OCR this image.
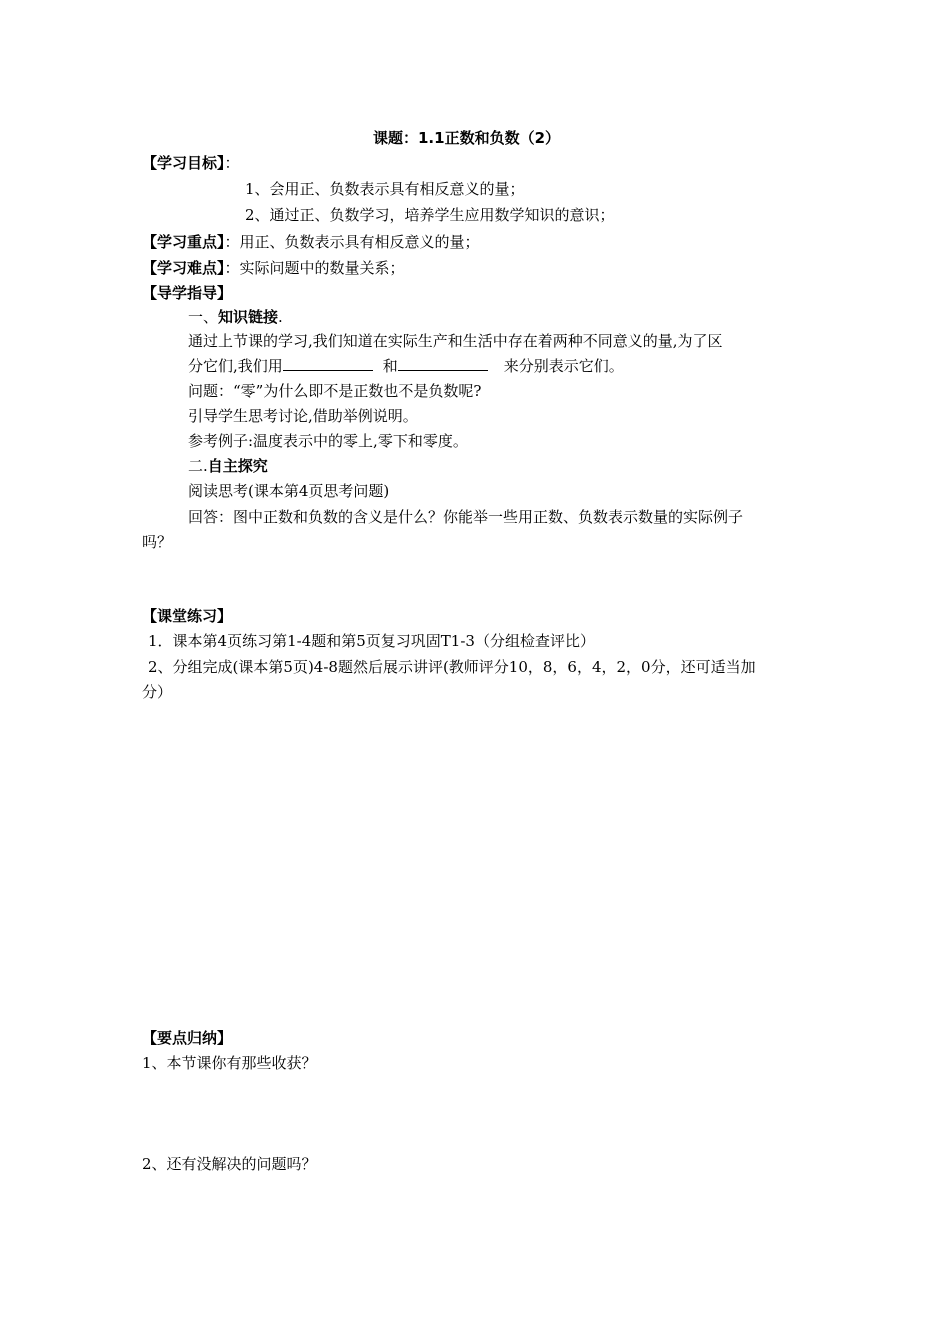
课题：1.1正数和负数（2）
【学习目标】：
1、会用正、负数表示具有相反意义的量；
2、通过正、负数学习，培养学生应用数学知识的意识；
【学习重点】：用正、负数表示具有相反意义的量；
【学习难点】：实际问题中的数量关系；
【导学指导】
一、知识链接.
通过上节课的学习,我们知道在实际生产和生活中存在着两种不同意义的量,为了区
分它们,我们用	和	来分别表示它们。
问题：“零”为什么即不是正数也不是负数呢?
引导学生思考讨论,借助举例说明。
参考例子:温度表示中的零上,零下和零度。
二.自主探究
阅读思考(课本第4页思考问题)
回答：图中正数和负数的含义是什么？你能举一些用正数、负数表示数量的实际例子
吗？
【课堂练习】
1．课本第4页练习第1-4题和第5页复习巩固T1-3（分组检查评比）
2、分组完成(课本第5页)4-8题然后展示讲评(教师评分10，8，6，4，2，0分，还可适当加
分）
【要点归纳】
1、本节课你有那些收获？
2、还有没解决的问题吗？
